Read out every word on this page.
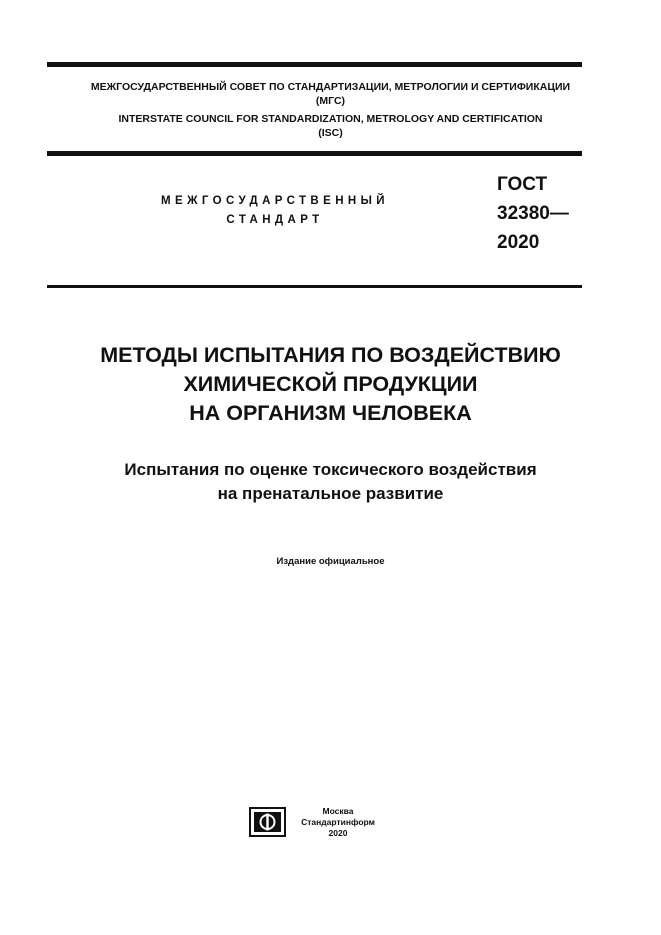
МЕЖГОСУДАРСТВЕННЫЙ СОВЕТ ПО СТАНДАРТИЗАЦИИ, МЕТРОЛОГИИ И СЕРТИФИКАЦИИ
(МГС)
INTERSTATE COUNCIL FOR STANDARDIZATION, METROLOGY AND CERTIFICATION
(ISC)
МЕЖГОСУДАРСТВЕННЫЙ
СТАНДАРТ
ГОСТ
32380—
2020
МЕТОДЫ ИСПЫТАНИЯ ПО ВОЗДЕЙСТВИЮ
ХИМИЧЕСКОЙ ПРОДУКЦИИ
НА ОРГАНИЗМ ЧЕЛОВЕКА
Испытания по оценке токсического воздействия
на пренатальное развитие
Издание официальное
Москва
Стандартинформ
2020
